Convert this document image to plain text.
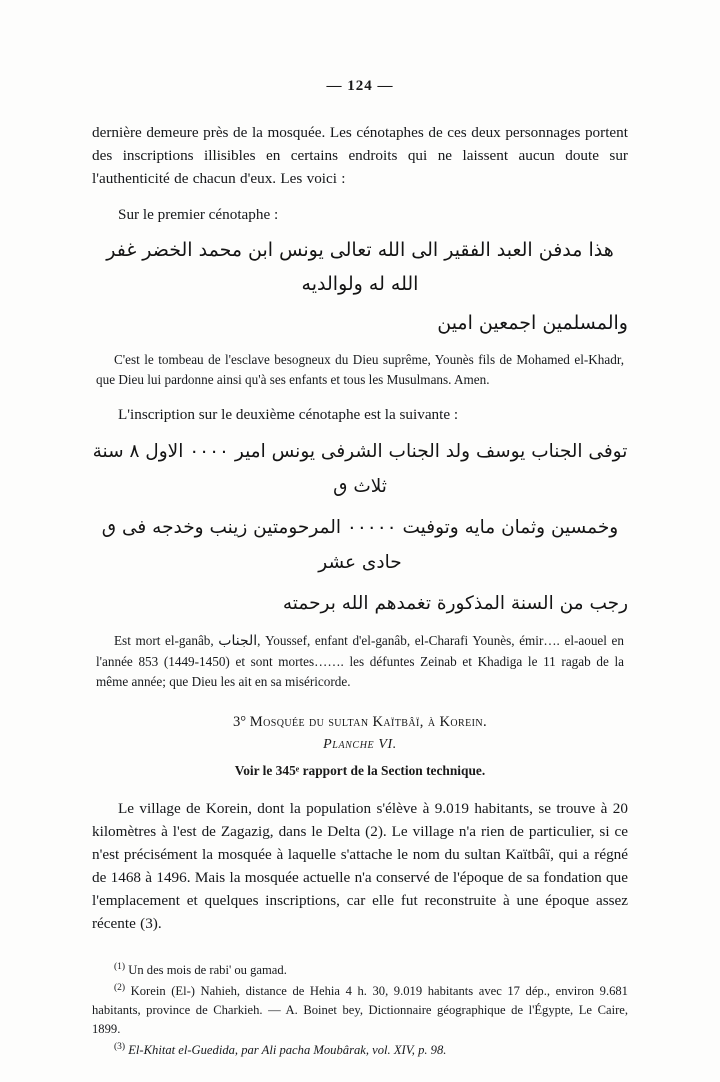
— 124 —

dernière demeure près de la mosquée. Les cénotaphes de ces deux personnages portent des inscriptions illisibles en certains endroits qui ne laissent aucun doute sur l'authenticité de chacun d'eux. Les voici :

Sur le premier cénotaphe :
هذا مدفن العبد الفقير الى الله تعالى يونس ابن محمد الخضر غفر الله له ولوالديه
والمسلمين اجمعين امين
C'est le tombeau de l'esclave besogneux du Dieu suprême, Younès fils de Mohamed el-Khadr, que Dieu lui pardonne ainsi qu'à ses enfants et tous les Musulmans. Amen.
L'inscription sur le deuxième cénotaphe est la suivante :
توفى الجناب يوسف ولد الجناب الشرفى يونس امير ٠٠٠٠ الاول ٨ سنة ثلاث ٯ
وخمسين وثمان مايه وتوفيت ٠٠٠٠٠ المرحومتين زينب وخدجه فى ٯ حادى عشر
رجب من السنة المذكورة تغمدهم الله برحمته
Est mort el-ganâb, الجناب, Youssef, enfant d'el-ganâb, el-Charafi Younès, émir…. el-aouel en l'année 853 (1449-1450) et sont mortes……. les défuntes Zeinab et Khadiga le 11 ragab de la même année; que Dieu les ait en sa miséricorde.
3° Mosquée du sultan Kaïtbâï, à Korein.
Planche VI.
Voir le 345ᵉ rapport de la Section technique.

Le village de Korein, dont la population s'élève à 9.019 habitants, se trouve à 20 kilomètres à l'est de Zagazig, dans le Delta (2). Le village n'a rien de particulier, si ce n'est précisément la mosquée à laquelle s'attache le nom du sultan Kaïtbâï, qui a régné de 1468 à 1496. Mais la mosquée actuelle n'a conservé de l'époque de sa fondation que l'emplacement et quelques inscriptions, car elle fut reconstruite à une époque assez récente (3).

$^{(1)}$ Un des mois de rabi' ou gamad.

$^{(2)}$ Korein (El-) Nahieh, distance de Hehia 4 h. 30, 9.019 habitants avec 17 dép., environ 9.681 habitants, province de Charkieh. — A. Boinet bey, Dictionnaire géographique de l'Égypte, Le Caire, 1899.

$^{(3)}$ El-Khitat el-Guedida, par Ali pacha Moubârak, vol. XIV, p. 98.
